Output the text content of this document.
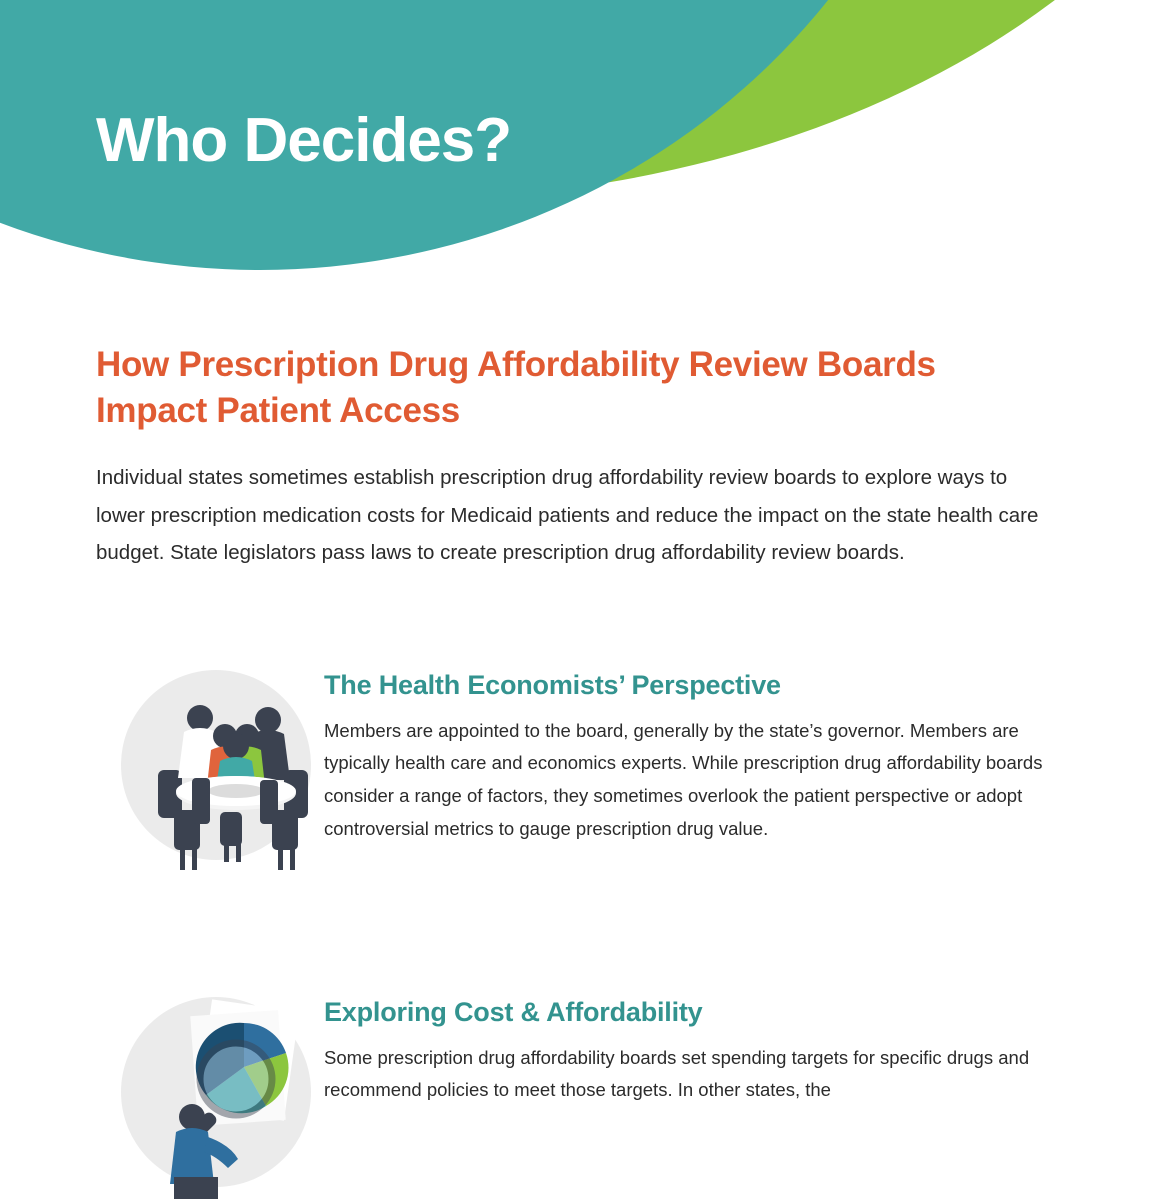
Who Decides?
How Prescription Drug Affordability Review Boards Impact Patient Access
Individual states sometimes establish prescription drug affordability review boards to explore ways to lower prescription medication costs for Medicaid patients and reduce the impact on the state health care budget. State legislators pass laws to create prescription drug affordability review boards.
The Health Economists’ Perspective
Members are appointed to the board, generally by the state’s governor. Members are typically health care and economics experts. While prescription drug affordability boards consider a range of factors, they sometimes overlook the patient perspective or adopt controversial metrics to gauge prescription drug value.
Exploring Cost & Affordability
Some prescription drug affordability boards set spending targets for specific drugs and recommend policies to meet those targets. In other states, the
